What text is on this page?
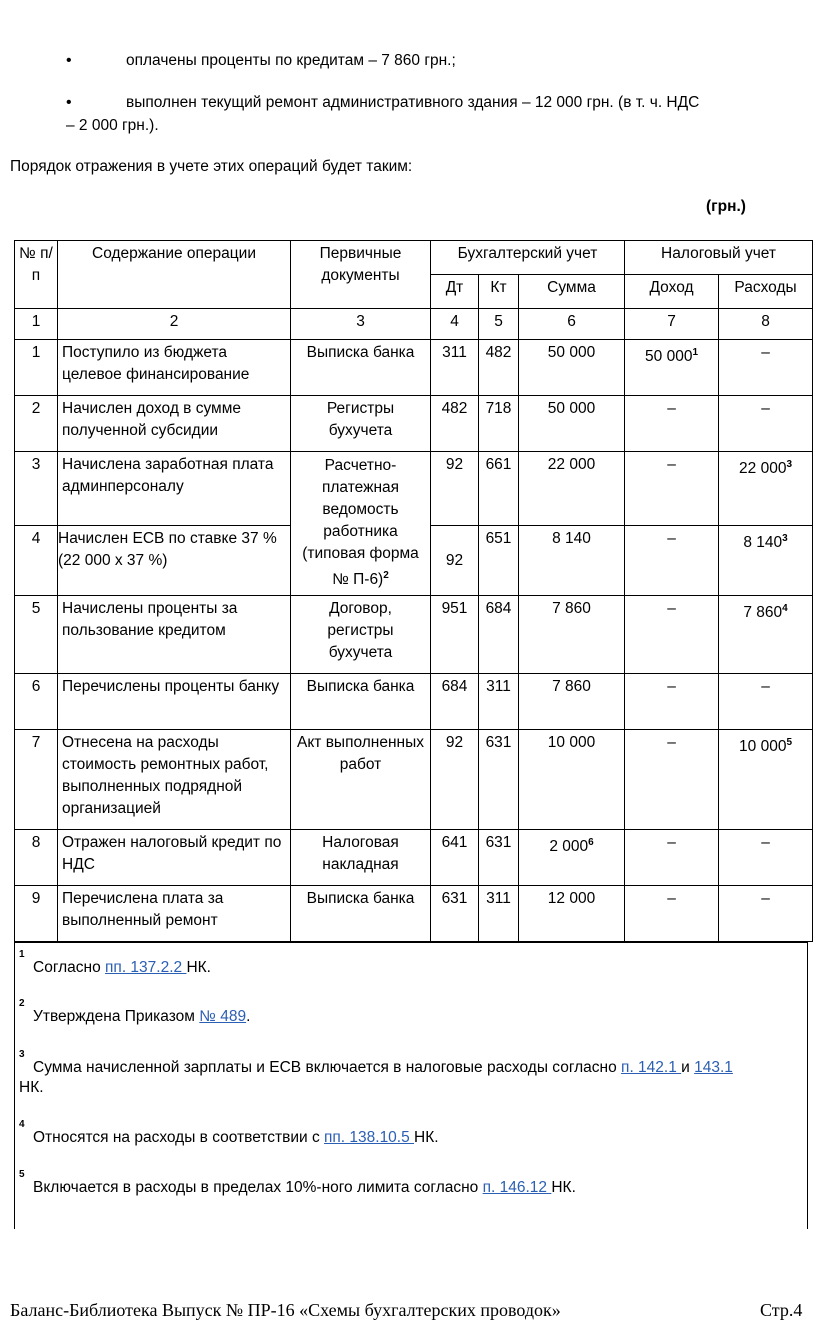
•	оплачены проценты по кредитам – 7 860 грн.;
•	выполнен текущий ремонт административного здания – 12 000 грн. (в т. ч. НДС
– 2 000 грн.).
Порядок отражения в учете этих операций будет таким:
(грн.)
№ п/п	Содержание операции	Первичные документы	Бухгалтерский учет			Налоговый учет	
			Дт	Кт	Сумма	Доход	Расходы
1	2	3	4	5	6	7	8
1	Поступило из бюджета целевое финансирование	Выписка банка	311	482	50 000	50 $000^1$	–
2	Начислен доход в сумме полученной субсидии	Регистры бухучета	482	718	50 000	–	–
3	Начислена заработная плата админперсоналу	Расчетно-платежная ведомость работника (типовая форма № П-6)$^2$	92	661	22 000	–	22 $000^3$
4	Начислен ЕСВ по ставке 37 %(22 000 х 37 %)		92	651	8 140	–	8 $140^3$
5	Начислены проценты за пользование кредитом	Договор, регистры бухучета	951	684	7 860	–	7 $860^4$
6	Перечислены проценты банку	Выписка банка	684	311	7 860	–	–
7	Отнесена на расходы стоимость ремонтных работ, выполненных подрядной организацией	Акт выполненных работ	92	631	10 000	–	10 $000^5$
8	Отражен налоговый кредит по НДС	Налоговая накладная	641	631	2 $000^6$	–	–
9	Перечислена плата за выполненный ремонт	Выписка банка	631	311	12 000	–	–
1
Согласно пп. 137.2.2 НК.
2
Утверждена Приказом № 489.
3
Сумма начисленной зарплаты и ЕСВ включается в налоговые расходы согласно п. 142.1 и 143.1
НК.
4
Относятся на расходы в соответствии с пп. 138.10.5 НК.
5
Включается в расходы в пределах 10%-ного лимита согласно п. 146.12 НК.
Баланс-Библиотека Выпуск № ПР-16 «Схемы бухгалтерских проводок»	Стр.4
